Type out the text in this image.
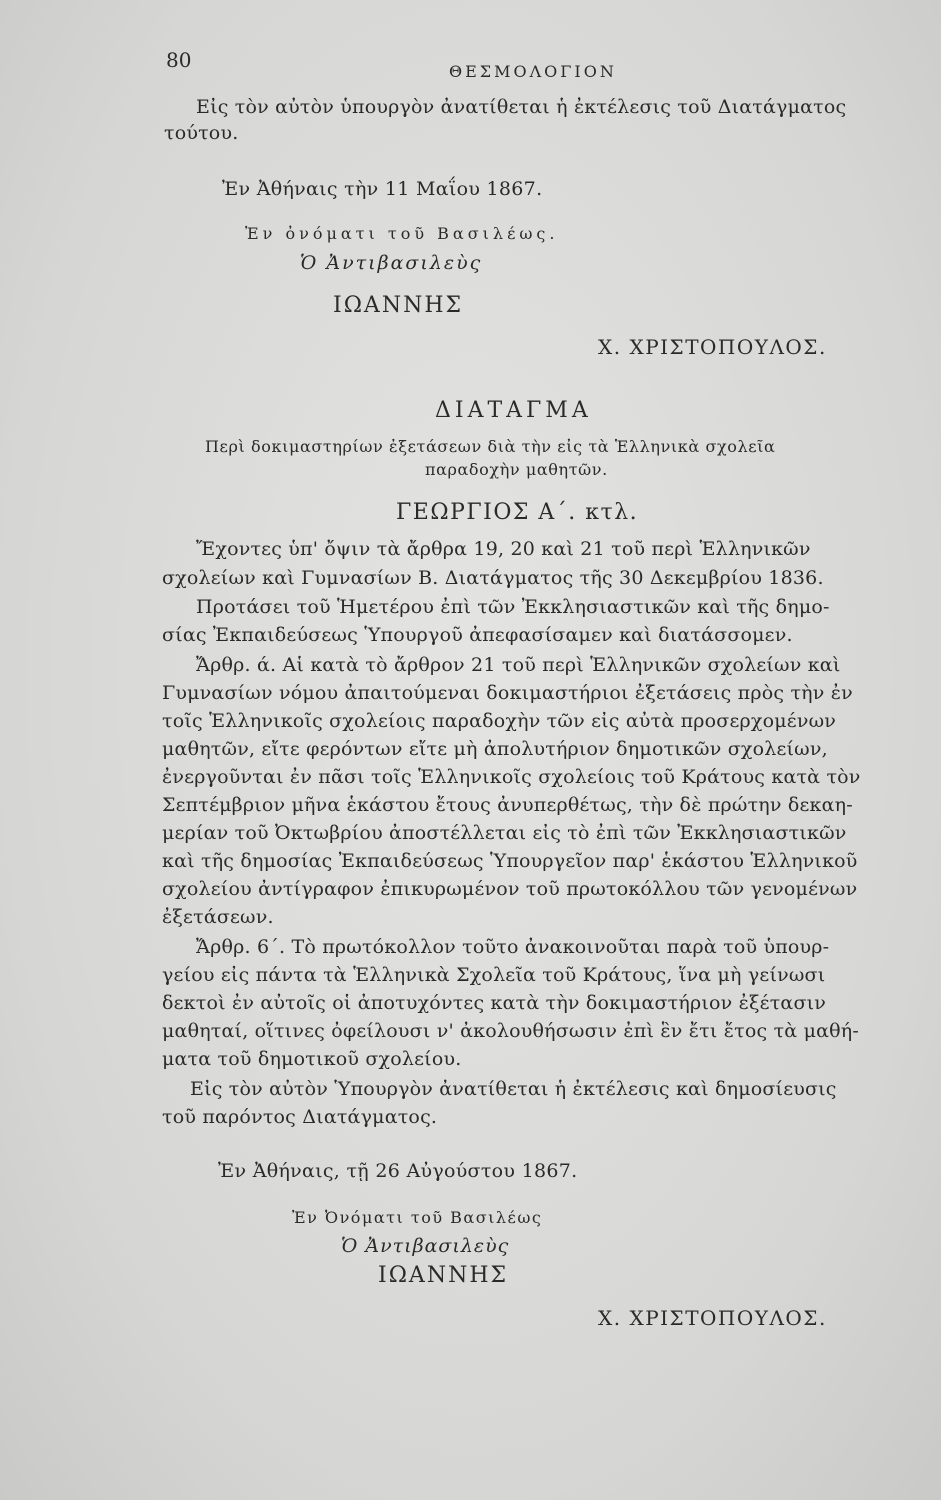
80	ΘΕΣΜΟΛΟΓΙΟΝ
Εἰς τὸν αὐτὸν ὑπουργὸν ἀνατίθεται ἡ ἐκτέλεσις τοῦ Διατάγματος
τούτου.
Ἐν Ἀθήναις τὴν 11 Μαΐου 1867.
Ἐν ὀνόματι τοῦ Βασιλέως.
Ὁ Ἀντιβασιλεὺς
ΙΩΑΝΝΗΣ
Χ. ΧΡΙΣΤΟΠΟΥΛΟΣ.
ΔΙΑΤΑΓΜΑ
Περὶ δοκιμαστηρίων ἐξετάσεων διὰ τὴν εἰς τὰ Ἑλληνικὰ σχολεῖα
παραδοχὴν μαθητῶν.
ΓΕΩΡΓΙΟΣ Α΄. κτλ.
Ἔχοντες ὑπ' ὄψιν τὰ ἄρθρα 19, 20 καὶ 21 τοῦ περὶ Ἑλληνικῶν
σχολείων καὶ Γυμνασίων Β. Διατάγματος τῆς 30 Δεκεμβρίου 1836.
Προτάσει τοῦ Ἡμετέρου ἐπὶ τῶν Ἐκκλησιαστικῶν καὶ τῆς δημο-
σίας Ἐκπαιδεύσεως Ὑπουργοῦ ἀπεφασίσαμεν καὶ διατάσσομεν.
Ἄρθρ. ά. Αἱ κατὰ τὸ ἄρθρον 21 τοῦ περὶ Ἑλληνικῶν σχολείων καὶ
Γυμνασίων νόμου ἀπαιτούμεναι δοκιμαστήριοι ἐξετάσεις πρὸς τὴν ἐν
τοῖς Ἑλληνικοῖς σχολείοις παραδοχὴν τῶν εἰς αὐτὰ προσερχομένων
μαθητῶν, εἴτε φερόντων εἴτε μὴ ἀπολυτήριον δημοτικῶν σχολείων,
ἐνεργοῦνται ἐν πᾶσι τοῖς Ἑλληνικοῖς σχολείοις τοῦ Κράτους κατὰ τὸν
Σεπτέμβριον μῆνα ἑκάστου ἔτους ἀνυπερθέτως, τὴν δὲ πρώτην δεκαη-
μερίαν τοῦ Ὀκτωβρίου ἀποστέλλεται εἰς τὸ ἐπὶ τῶν Ἐκκλησιαστικῶν
καὶ τῆς δημοσίας Ἐκπαιδεύσεως Ὑπουργεῖον παρ' ἑκάστου Ἑλληνικοῦ
σχολείου ἀντίγραφον ἐπικυρωμένον τοῦ πρωτοκόλλου τῶν γενομένων
ἐξετάσεων.
Ἄρθρ. 6΄. Τὸ πρωτόκολλον τοῦτο ἀνακοινοῦται παρὰ τοῦ ὑπουρ-
γείου εἰς πάντα τὰ Ἑλληνικὰ Σχολεῖα τοῦ Κράτους, ἵνα μὴ γείνωσι
δεκτοὶ ἐν αὐτοῖς οἱ ἀποτυχόντες κατὰ τὴν δοκιμαστήριον ἐξέτασιν
μαθηταί, οἵτινες ὀφείλουσι ν' ἀκολουθήσωσιν ἐπὶ ἓν ἔτι ἔτος τὰ μαθή-
ματα τοῦ δημοτικοῦ σχολείου.
Εἰς τὸν αὐτὸν Ὑπουργὸν ἀνατίθεται ἡ ἐκτέλεσις καὶ δημοσίευσις
τοῦ παρόντος Διατάγματος.
Ἐν Ἀθήναις, τῇ 26 Αὐγούστου 1867.
Ἐν Ὀνόματι τοῦ Βασιλέως
Ὁ Ἀντιβασιλεὺς
ΙΩΑΝΝΗΣ
Χ. ΧΡΙΣΤΟΠΟΥΛΟΣ.
